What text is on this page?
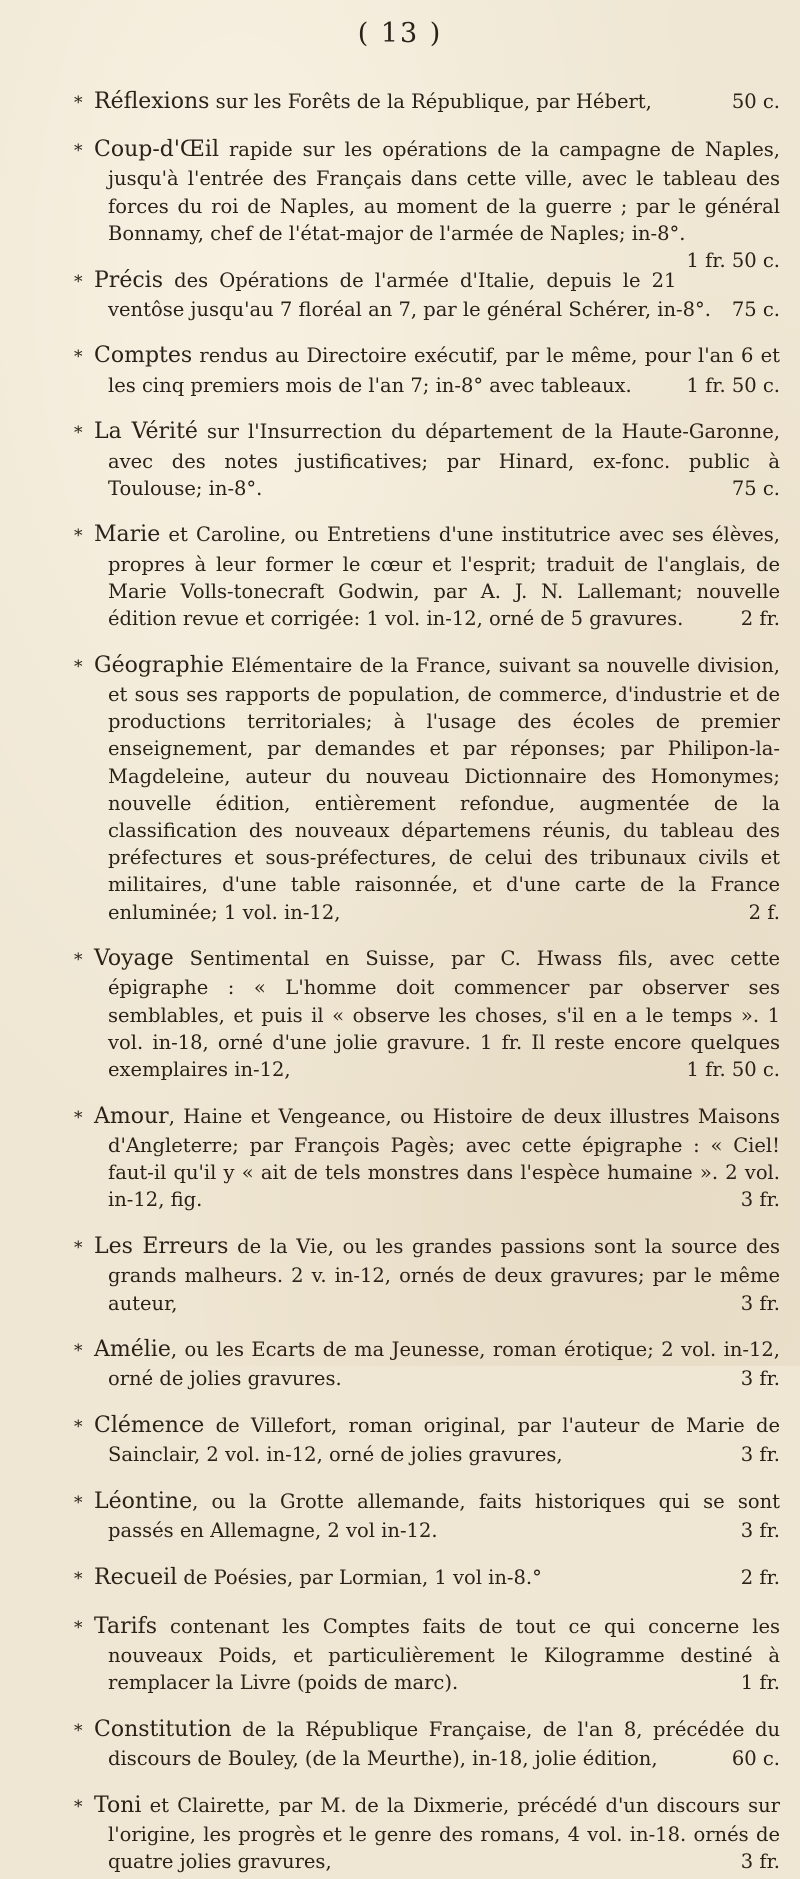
( 13 )

* Réflexions sur les Forêts de la République, par Hébert,	50 c.

* Coup-d'Œil rapide sur les opérations de la campagne de Naples, jusqu'à l'entrée des Français dans cette ville, avec le tableau des forces du roi de Naples, au moment de la guerre ; par le général Bonnamy, chef de l'état-major de l'armée de Naples; in-8°.
1 fr. 50 c.

* Précis des Opérations de l'armée d'Italie, depuis le 21 ventôse jusqu'au 7 floréal an 7, par le général Schérer, in-8°.	75 c.

* Comptes rendus au Directoire exécutif, par le même, pour l'an 6 et les cinq premiers mois de l'an 7; in-8° avec tableaux.	1 fr. 50 c.

* La Vérité sur l'Insurrection du département de la Haute-Garonne, avec des notes justificatives; par Hinard, ex-fonc. public à Toulouse; in-8°.	75 c.

* Marie et Caroline, ou Entretiens d'une institutrice avec ses élèves, propres à leur former le cœur et l'esprit; traduit de l'anglais, de Marie Volls-tonecraft Godwin, par A. J. N. Lallemant; nouvelle édition revue et corrigée: 1 vol. in-12, orné de 5 gravures.	2 fr.

* Géographie Elémentaire de la France, suivant sa nouvelle division, et sous ses rapports de population, de commerce, d'industrie et de productions territoriales; à l'usage des écoles de premier enseignement, par demandes et par réponses; par Philipon-la-Magdeleine, auteur du nouveau Dictionnaire des Homonymes; nouvelle édition, entièrement refondue, augmentée de la classification des nouveaux départemens réunis, du tableau des préfectures et sous-préfectures, de celui des tribunaux civils et militaires, d'une table raisonnée, et d'une carte de la France enluminée; 1 vol. in-12,	2 f.

* Voyage Sentimental en Suisse, par C. Hwass fils, avec cette épigraphe : « L'homme doit commencer par observer ses semblables, et puis il « observe les choses, s'il en a le temps ». 1 vol. in-18, orné d'une jolie gravure. 1 fr. Il reste encore quelques exemplaires in-12,	1 fr. 50 c.

* Amour, Haine et Vengeance, ou Histoire de deux illustres Maisons d'Angleterre; par François Pagès; avec cette épigraphe : « Ciel! faut-il qu'il y « ait de tels monstres dans l'espèce humaine ». 2 vol. in-12, fig.	3 fr.

* Les Erreurs de la Vie, ou les grandes passions sont la source des grands malheurs. 2 v. in-12, ornés de deux gravures; par le même auteur,	3 fr.

* Amélie, ou les Ecarts de ma Jeunesse, roman érotique; 2 vol. in-12, orné de jolies gravures.	3 fr.

* Clémence de Villefort, roman original, par l'auteur de Marie de Sainclair, 2 vol. in-12, orné de jolies gravures,	3 fr.

* Léontine, ou la Grotte allemande, faits historiques qui se sont passés en Allemagne, 2 vol in-12.	3 fr.

* Recueil de Poésies, par Lormian, 1 vol in-8.°	2 fr.

* Tarifs contenant les Comptes faits de tout ce qui concerne les nouveaux Poids, et particulièrement le Kilogramme destiné à remplacer la Livre (poids de marc).	1 fr.

* Constitution de la République Française, de l'an 8, précédée du discours de Bouley, (de la Meurthe), in-18, jolie édition,	60 c.

* Toni et Clairette, par M. de la Dixmerie, précédé d'un discours sur l'origine, les progrès et le genre des romans, 4 vol. in-18. ornés de quatre jolies gravures,	3 fr.
